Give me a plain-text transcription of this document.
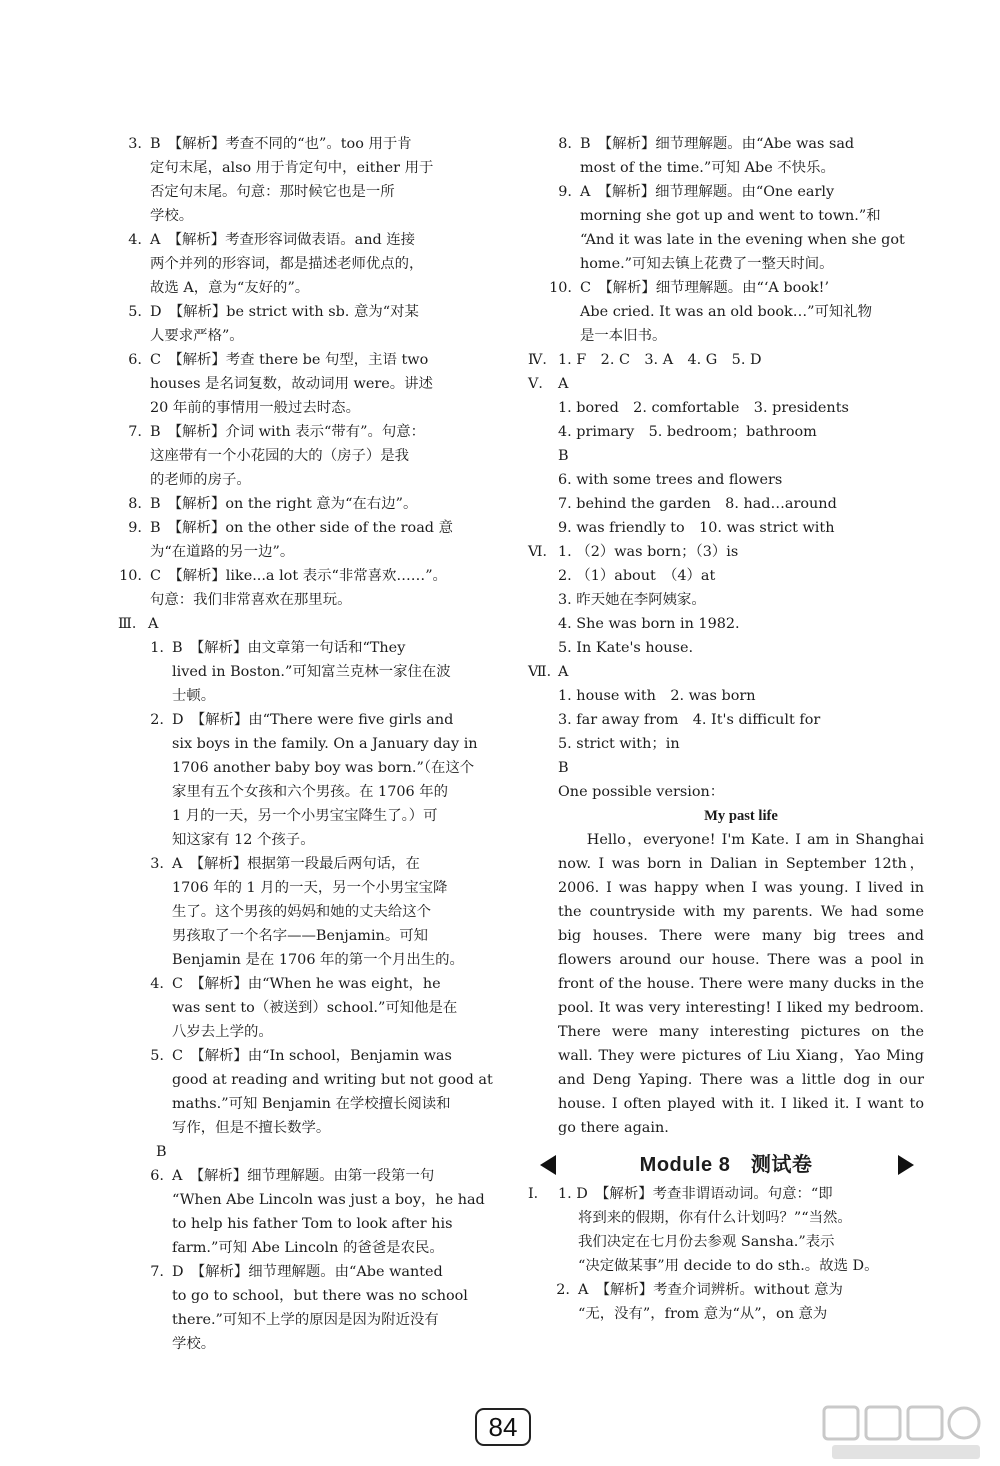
3. B　【解析】考查不同的“也”。too 用于肯
定句末尾，also 用于肯定句中，either 用于
否定句末尾。句意：那时候它也是一所
学校。
4. A　【解析】考查形容词做表语。and 连接
两个并列的形容词，都是描述老师优点的，
故选 A，意为“友好的”。
5. D　【解析】be strict with sb. 意为“对某
人要求严格”。
6. C　【解析】考查 there be 句型，主语 two
houses 是名词复数，故动词用 were。讲述
20 年前的事情用一般过去时态。
7. B　【解析】介词 with 表示“带有”。句意：
这座带有一个小花园的大的（房子）是我
的老师的房子。
8. B　【解析】on the right 意为“在右边”。
9. B　【解析】on the other side of the road 意
为“在道路的另一边”。
10. C　【解析】like...a lot 表示“非常喜欢……”。
句意：我们非常喜欢在那里玩。
Ⅲ． A
1. B　【解析】由文章第一句话和“They
lived in Boston.”可知富兰克林一家住在波
士顿。
2. D　【解析】由“There were five girls and
six boys in the family. On a January day in
1706 another baby boy was born.”（在这个
家里有五个女孩和六个男孩。在 1706 年的
1 月的一天，另一个小男宝宝降生了。）可
知这家有 12 个孩子。
3. A　【解析】根据第一段最后两句话，在
1706 年的 1 月的一天，另一个小男宝宝降
生了。这个男孩的妈妈和她的丈夫给这个
男孩取了一个名字——Benjamin。可知
Benjamin 是在 1706 年的第一个月出生的。
4. C　【解析】由“When he was eight，he
was sent to（被送到）school.”可知他是在
八岁去上学的。
5. C　【解析】由“In school，Benjamin was
good at reading and writing but not good at
maths.”可知 Benjamin 在学校擅长阅读和
写作，但是不擅长数学。
B
6. A　【解析】细节理解题。由第一段第一句
“When Abe Lincoln was just a boy，he had
to help his father Tom to look after his
farm.”可知 Abe Lincoln 的爸爸是农民。
7. D　【解析】细节理解题。由“Abe wanted
to go to school，but there was no school
there.”可知不上学的原因是因为附近没有
学校。
8. B　【解析】细节理解题。由“Abe was sad
most of the time.”可知 Abe 不快乐。
9. A　【解析】细节理解题。由“One early
morning she got up and went to town.”和
“And it was late in the evening when she got
home.”可知去镇上花费了一整天时间。
10. C　【解析】细节理解题。由“‘A book!’
Abe cried. It was an old book…”可知礼物
是一本旧书。
Ⅳ． 1. F　2. C　3. A　4. G　5. D
Ⅴ． A
1. bored　2. comfortable　3. presidents
4. primary　5. bedroom；bathroom
B
6. with some trees and flowers
7. behind the garden　8. had…around
9. was friendly to　10. was strict with
Ⅵ． 1. （2）was born；（3）is
2. （1）about　（4）at
3. 昨天她在李阿姨家。
4. She was born in 1982.
5. In Kate's house.
Ⅶ．
A
1. house with　2. was born
3. far away from　4. It's difficult for
5. strict with；in
B
One possible version：
My past life
Hello，everyone! I'm Kate. I am in Shanghai now. I was born in Dalian in September 12th，2006. I was happy when I was young. I lived in the countryside with my parents. We had some big houses. There were many big trees and flowers around our house. There was a pool in front of the house. There were many ducks in the pool. It was very interesting! I liked my bedroom. There were many interesting pictures on the wall. They were pictures of Liu Xiang，Yao Ming and Deng Yaping. There was a little dog in our house. I often played with it. I liked it. I want to go there again.
Module 8　测试卷
Ⅰ． 1. D　【解析】考查非谓语动词。句意：“即
将到来的假期，你有什么计划吗？”“当然。
我们决定在七月份去参观 Sansha.”表示
“决定做某事”用 decide to do sth.。故选 D。
2. A　【解析】考查介词辨析。without 意为
“无，没有”，from 意为“从”，on 意为
84
